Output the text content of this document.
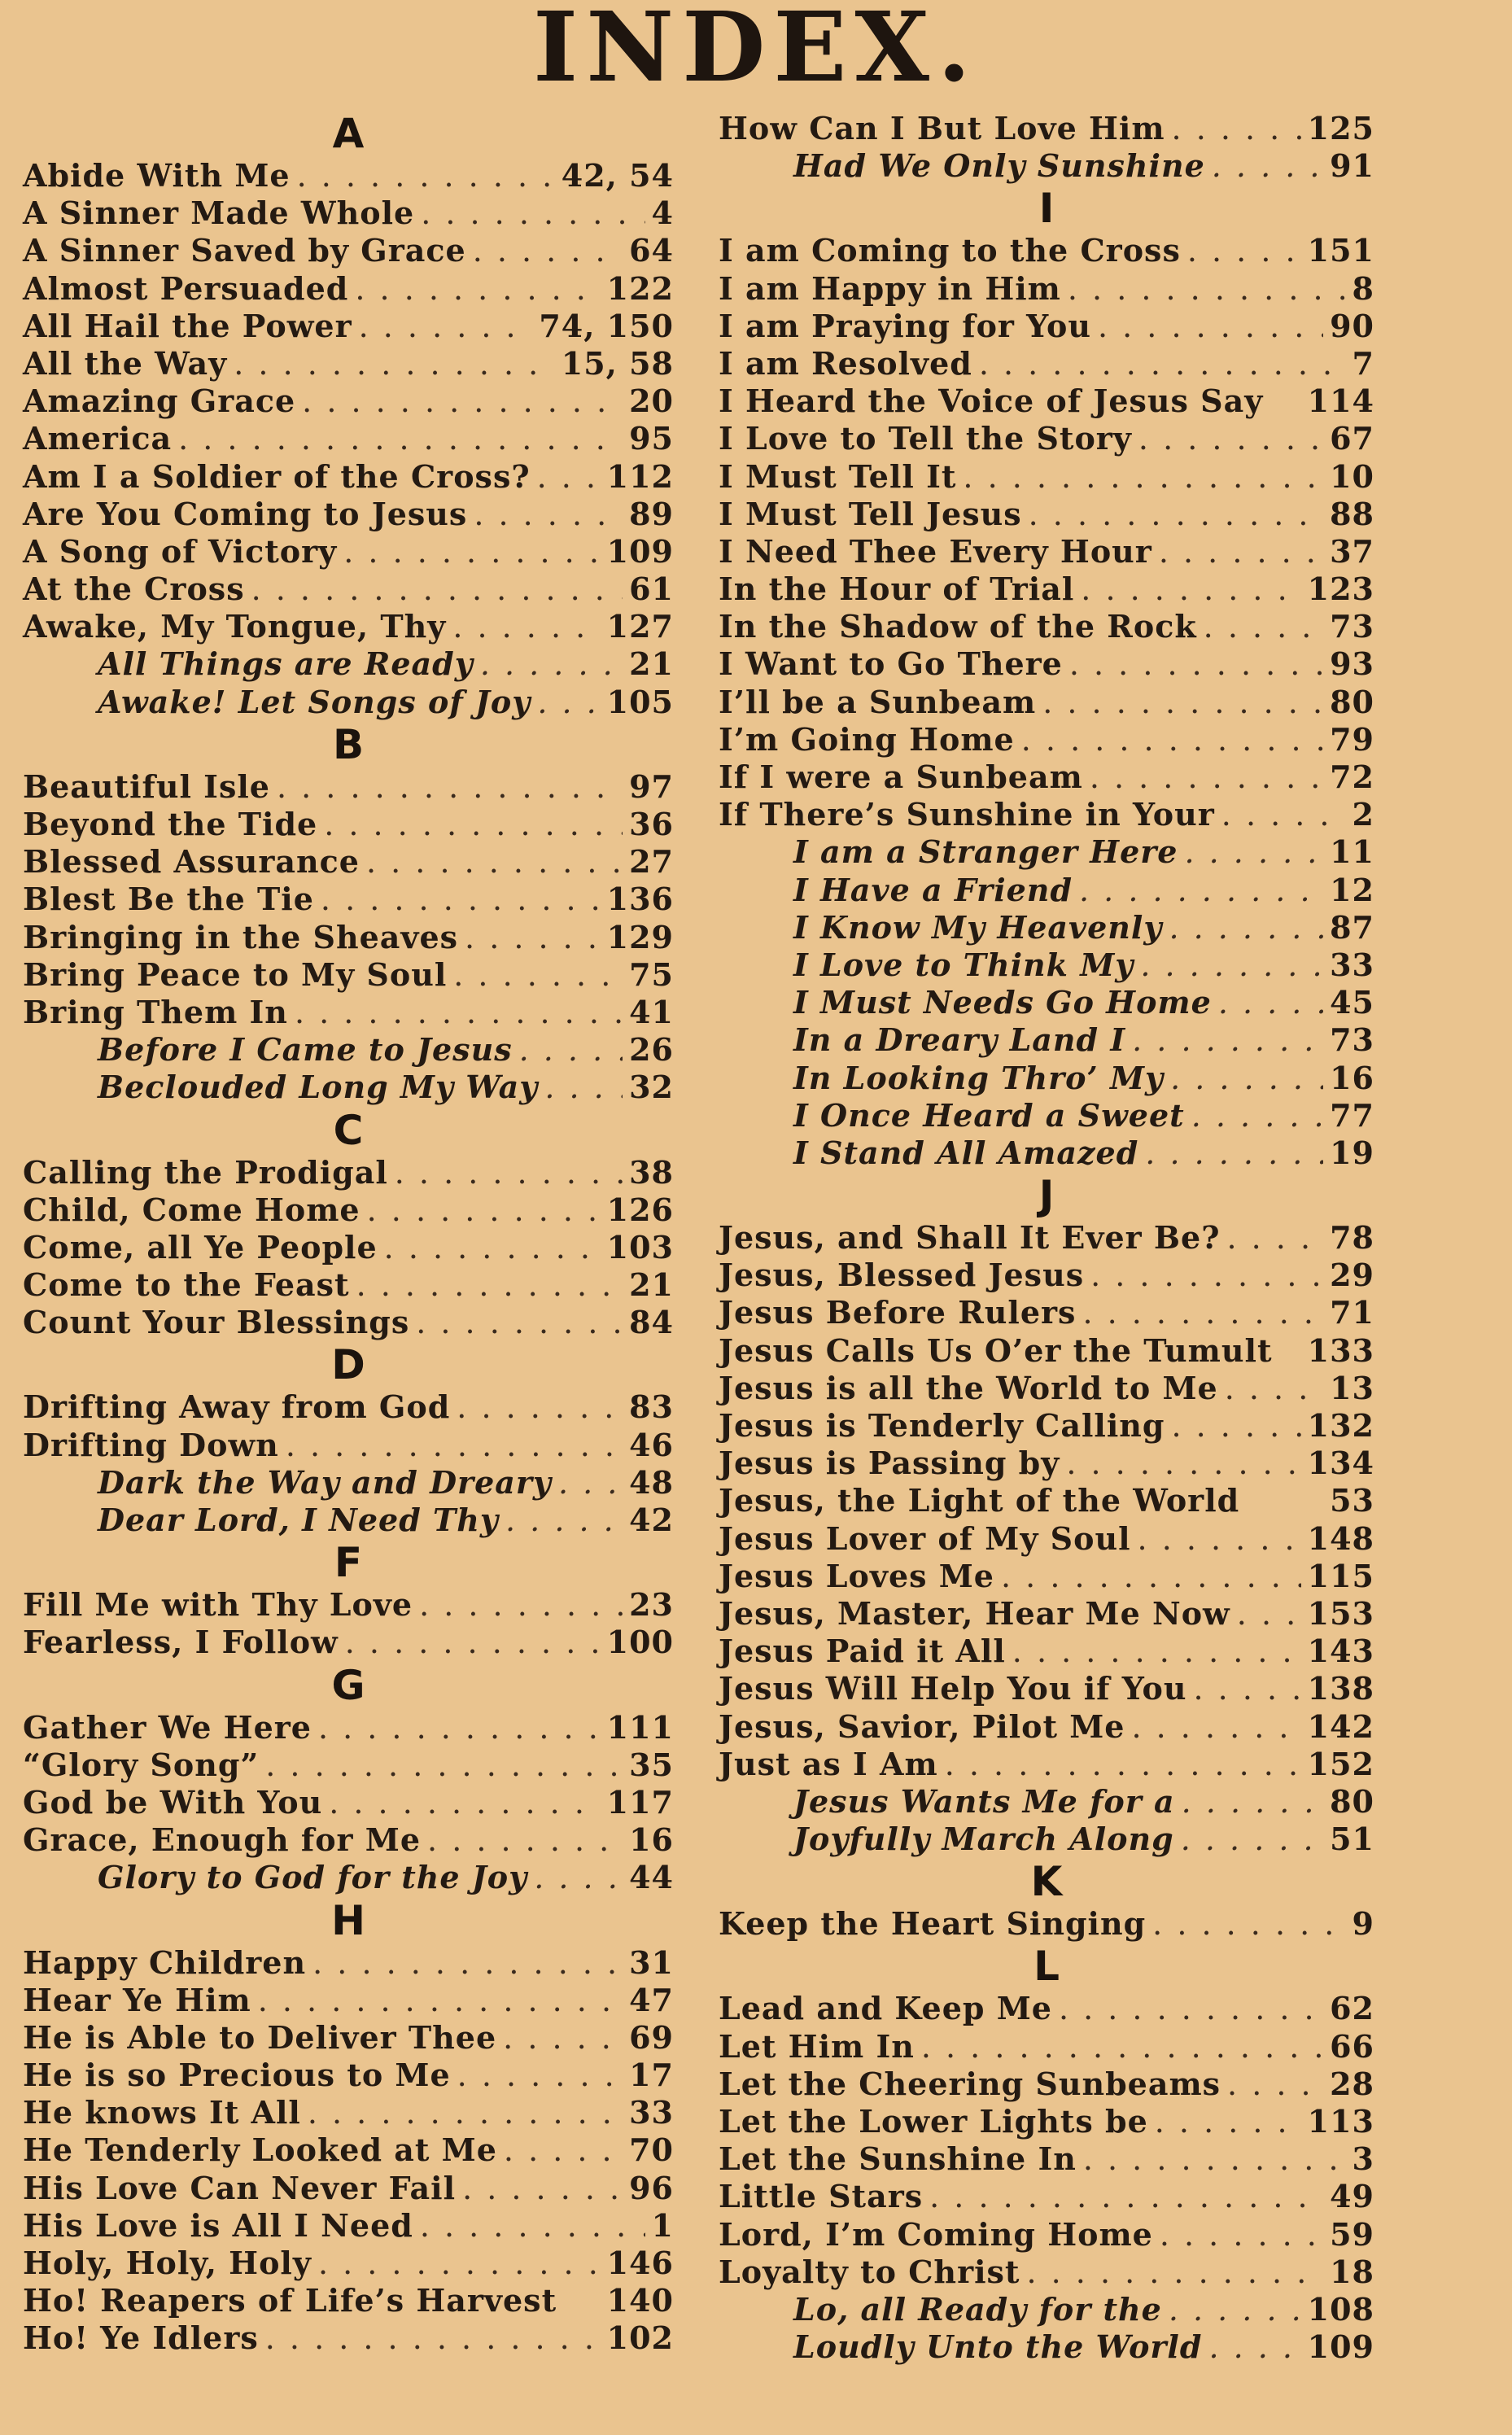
INDEX.
A
Abide With Me . . .	42, 54
A Sinner Made Whole . . .	4
A Sinner Saved by Grace . . .	64
Almost Persuaded . . .	122
All Hail the Power . . .	74, 150
All the Way . . .	15, 58
Amazing Grace . . .	20
America . . .	95
Am I a Soldier of the Cross? . . . 112
Are You Coming to Jesus . . .	89
A Song of Victory . . .	109
At the Cross . . .	61
Awake, My Tongue, Thy . . .	127
All Things are Ready . . .	21
Awake! Let Songs of Joy . . . 105
B
Beautiful Isle . . .	97
Beyond the Tide . . .	36
Blessed Assurance . . .	27
Blest Be the Tie . . .	136
Bringing in the Sheaves . . .	129
Bring Peace to My Soul . . .	75
Bring Them In . . .	41
Before I Came to Jesus . . .	26
Beclouded Long My Way . . .	32
C
Calling the Prodigal . . .	38
Child, Come Home . . .	126
Come, all Ye People . . .	103
Come to the Feast . . .	21
Count Your Blessings . . .	84
D
Drifting Away from God . . .	83
Drifting Down . . .	46
Dark the Way and Dreary . . .	48
Dear Lord, I Need Thy . . .	42
F
Fill Me with Thy Love . . .	23
Fearless, I Follow . . .	100
G
Gather We Here . . .	111
“Glory Song” . . .	35
God be With You . . .	117
Grace, Enough for Me . . .	16
Glory to God for the Joy . . .	44
H
Happy Children . . .	31
Hear Ye Him . . .	47
He is Able to Deliver Thee . . .	69
He is so Precious to Me . . .	17
He knows It All . . .	33
He Tenderly Looked at Me . . .	70
His Love Can Never Fail . . .	96
His Love is All I Need . . .	1
Holy, Holy, Holy . . .	146
Ho! Reapers of Life’s Harvest 140
Ho! Ye Idlers . . .	102
How Can I But Love Him . . .	125
Had We Only Sunshine . . .	91
I
I am Coming to the Cross . . .	151
I am Happy in Him . . .	8
I am Praying for You . . .	90
I am Resolved . . .	7
I Heard the Voice of Jesus Say 114
I Love to Tell the Story . . .	67
I Must Tell It . . .	10
I Must Tell Jesus . . .	88
I Need Thee Every Hour . . .	37
In the Hour of Trial . . .	123
In the Shadow of the Rock . . .	73
I Want to Go There . . .	93
I’ll be a Sunbeam . . .	80
I’m Going Home . . .	79
If I were a Sunbeam . . .	72
If There’s Sunshine in Your . . .	2
I am a Stranger Here . . .	11
I Have a Friend . . .	12
I Know My Heavenly . . .	87
I Love to Think My . . .	33
I Must Needs Go Home . . .	45
In a Dreary Land I . . .	73
In Looking Thro’ My . . .	16
I Once Heard a Sweet . . .	77
I Stand All Amazed . . .	19
J
Jesus, and Shall It Ever Be? . . .	78
Jesus, Blessed Jesus . . .	29
Jesus Before Rulers . . .	71
Jesus Calls Us O’er the Tumult 133
Jesus is all the World to Me . . .	13
Jesus is Tenderly Calling . . .	132
Jesus is Passing by . . .	134
Jesus, the Light of the World	53
Jesus Lover of My Soul . . .	148
Jesus Loves Me . . .	115
Jesus, Master, Hear Me Now . . . 153
Jesus Paid it All . . .	143
Jesus Will Help You if You . . .	138
Jesus, Savior, Pilot Me . . .	142
Just as I Am . . .	152
Jesus Wants Me for a . . .	80
Joyfully March Along . . .	51
K
Keep the Heart Singing . . .	9
L
Lead and Keep Me . . .	62
Let Him In . . .	66
Let the Cheering Sunbeams . . .	28
Let the Lower Lights be . . .	113
Let the Sunshine In . . .	3
Little Stars . . .	49
Lord, I’m Coming Home . . .	59
Loyalty to Christ . . .	18
Lo, all Ready for the . . .	108
Loudly Unto the World . . .	109
